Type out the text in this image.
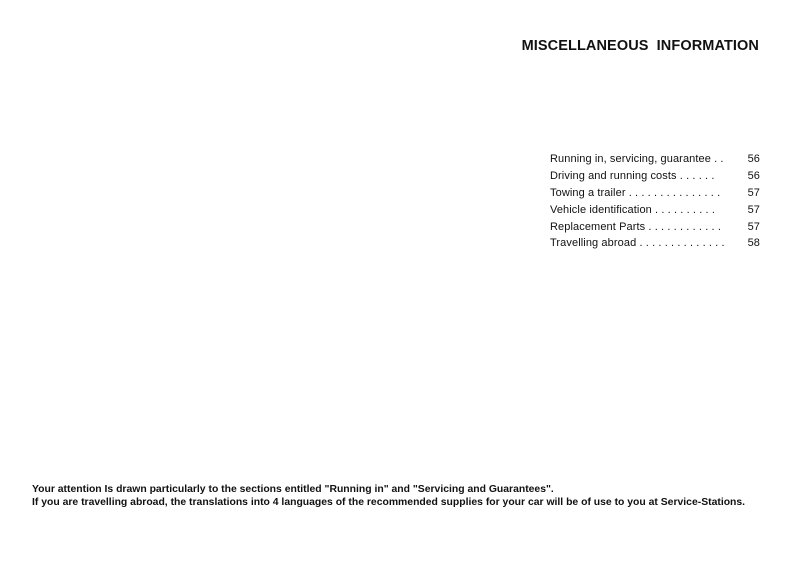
MISCELLANEOUS INFORMATION
Running in, servicing, guarantee . .	56
Driving and running costs . . . . . .	56
Towing a trailer . . . . . . . . . . . . . . .	57
Vehicle identification . . . . . . . . . .	57
Replacement Parts . . . . . . . . . . . .	57
Travelling abroad . . . . . . . . . . . . . .	58

Your attention Is drawn particularly to the sections entitled "Running in" and "Servicing and Guarantees".

If you are travelling abroad, the translations into 4 languages of the recommended supplies for your car will be of use to you at Service-Stations.
